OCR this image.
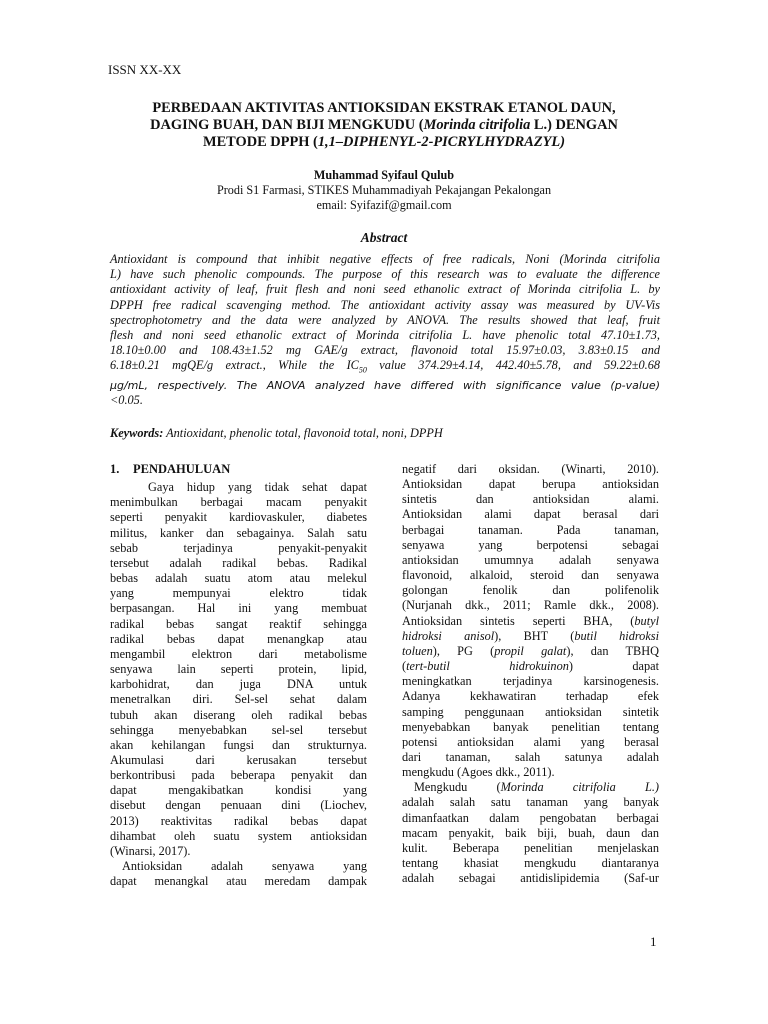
ISSN XX-XX
PERBEDAAN AKTIVITAS ANTIOKSIDAN EKSTRAK ETANOL DAUN,
DAGING BUAH, DAN BIJI MENGKUDU (Morinda citrifolia L.) DENGAN
METODE DPPH (1,1–DIPHENYL-2-PICRYLHYDRAZYL)
Muhammad Syifaul Qulub
Prodi S1 Farmasi, STIKES Muhammadiyah Pekajangan Pekalongan
email: Syifazif@gmail.com
Abstract
Antioxidant is compound that inhibit negative effects of free radicals, Noni (Morinda citrifolia
L) have such phenolic compounds. The purpose of this research was to evaluate the difference
antioxidant activity of leaf, fruit flesh and noni seed ethanolic extract of Morinda citrifolia L. by
DPPH free radical scavenging method. The antioxidant activity assay was measured by UV-Vis
spectrophotometry and the data were analyzed by ANOVA. The results showed that leaf, fruit
flesh and noni seed ethanolic extract of Morinda citrifolia L. have phenolic total 47.10±1.73,
18.10±0.00 and 108.43±1.52 mg GAE/g extract, flavonoid total 15.97±0.03, 3.83±0.15 and
6.18±0.21 mgQE/g extract., While the $IC_{50}$ value 374.29±4.14, 442.40±5.78, and 59.22±0.68
µg/mL, respectively. The ANOVA analyzed have differed with significance value (p-value)
<0.05.
Keywords: Antioxidant, phenolic total, flavonoid total, noni, DPPH
1. PENDAHULUAN
Gaya hidup yang tidak sehat dapat
menimbulkan berbagai macam penyakit
seperti penyakit kardiovaskuler, diabetes
militus, kanker dan sebagainya. Salah satu
sebab terjadinya penyakit-penyakit
tersebut adalah radikal bebas. Radikal
bebas adalah suatu atom atau melekul
yang mempunyai elektro tidak
berpasangan. Hal ini yang membuat
radikal bebas sangat reaktif sehingga
radikal bebas dapat menangkap atau
mengambil elektron dari metabolisme
senyawa lain seperti protein, lipid,
karbohidrat, dan juga DNA untuk
menetralkan diri. Sel-sel sehat dalam
tubuh akan diserang oleh radikal bebas
sehingga menyebabkan sel-sel tersebut
akan kehilangan fungsi dan strukturnya.
Akumulasi dari kerusakan tersebut
berkontribusi pada beberapa penyakit dan
dapat mengakibatkan kondisi yang
disebut dengan penuaan dini (Liochev,
2013) reaktivitas radikal bebas dapat
dihambat oleh suatu system antioksidan
(Winarsi, 2017).
Antioksidan adalah senyawa yang
dapat menangkal atau meredam dampak
negatif dari oksidan. (Winarti, 2010).
Antioksidan dapat berupa antioksidan
sintetis dan antioksidan alami.
Antioksidan alami dapat berasal dari
berbagai tanaman. Pada tanaman,
senyawa yang berpotensi sebagai
antioksidan umumnya adalah senyawa
flavonoid, alkaloid, steroid dan senyawa
golongan fenolik dan polifenolik
(Nurjanah dkk., 2011; Ramle dkk., 2008).
Antioksidan sintetis seperti BHA, (butyl
hidroksi anisol), BHT (butil hidroksi
toluen), PG (propil galat), dan TBHQ
(tert-butil hidrokuinon) dapat
meningkatkan terjadinya karsinogenesis.
Adanya kekhawatiran terhadap efek
samping penggunaan antioksidan sintetik
menyebabkan banyak penelitian tentang
potensi antioksidan alami yang berasal
dari tanaman, salah satunya adalah
mengkudu (Agoes dkk., 2011).
Mengkudu (Morinda citrifolia L.)
adalah salah satu tanaman yang banyak
dimanfaatkan dalam pengobatan berbagai
macam penyakit, baik biji, buah, daun dan
kulit. Beberapa penelitian menjelaskan
tentang khasiat mengkudu diantaranya
adalah sebagai antidislipidemia (Saf-ur
1
